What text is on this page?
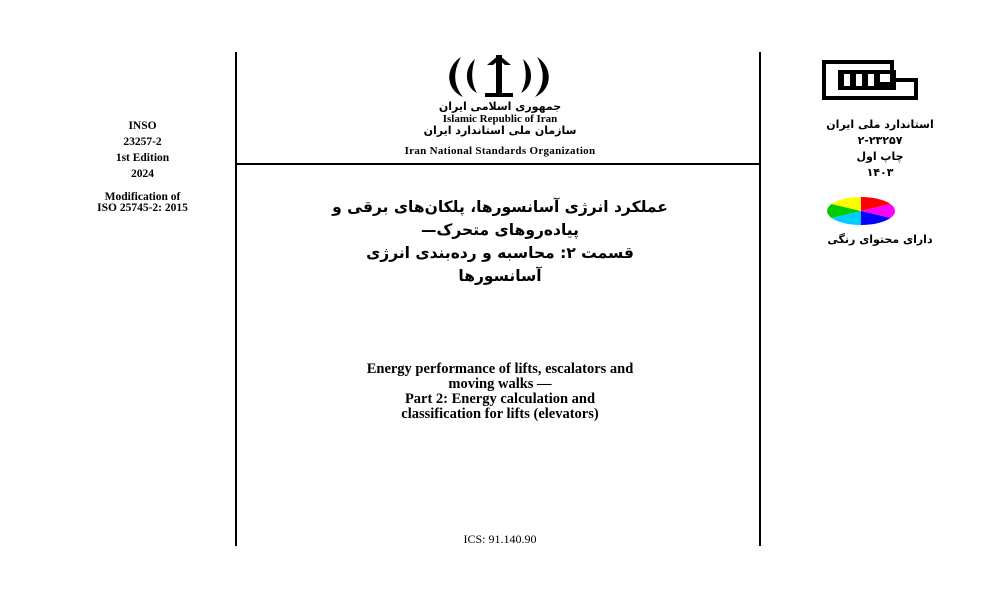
INSO
23257-2
1st Edition
2024
Modification of
ISO 25745-2: 2015
جمهوری اسلامی ایران
Islamic Republic of Iran
سازمان ملی استاندارد ایران
Iran National Standards Organization
عملکرد انرژی آسانسورها، پلکان‌های برقی و
پیاده‌روهای متحرک—
قسمت ۲: محاسبه و رده‌بندی انرژی
آسانسورها
Energy performance of lifts, escalators and
moving walks —
Part 2: Energy calculation and
classification for lifts (elevators)
ICS: 91.140.90
استاندارد ملی ایران
۲-۲۳۲۵۷
چاپ اول
۱۴۰۳
دارای محتوای رنگی
